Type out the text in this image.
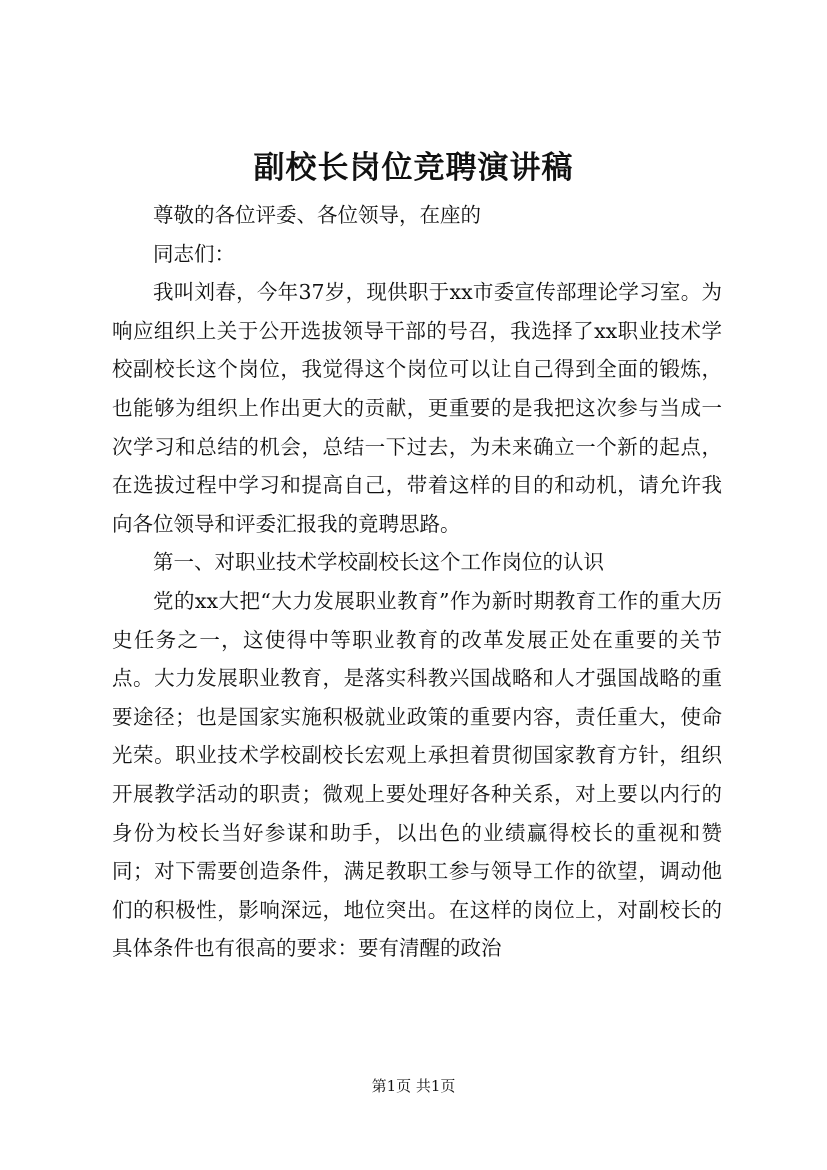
副校长岗位竞聘演讲稿

尊敬的各位评委、各位领导，在座的

同志们：

我叫刘春，今年37岁，现供职于xx市委宣传部理论学习室。为响应组织上关于公开选拔领导干部的号召，我选择了xx职业技术学校副校长这个岗位，我觉得这个岗位可以让自己得到全面的锻炼，也能够为组织上作出更大的贡献，更重要的是我把这次参与当成一次学习和总结的机会，总结一下过去，为未来确立一个新的起点，在选拔过程中学习和提高自己，带着这样的目的和动机，请允许我向各位领导和评委汇报我的竟聘思路。

第一、对职业技术学校副校长这个工作岗位的认识

党的xx大把“大力发展职业教育”作为新时期教育工作的重大历史任务之一，这使得中等职业教育的改革发展正处在重要的关节点。大力发展职业教育，是落实科教兴国战略和人才强国战略的重要途径；也是国家实施积极就业政策的重要内容，责任重大，使命光荣。职业技术学校副校长宏观上承担着贯彻国家教育方针，组织开展教学活动的职责；微观上要处理好各种关系，对上要以内行的身份为校长当好参谋和助手，以出色的业绩赢得校长的重视和赞同；对下需要创造条件，满足教职工参与领导工作的欲望，调动他们的积极性，影响深远，地位突出。在这样的岗位上，对副校长的具体条件也有很高的要求：要有清醒的政治

第1页 共1页
